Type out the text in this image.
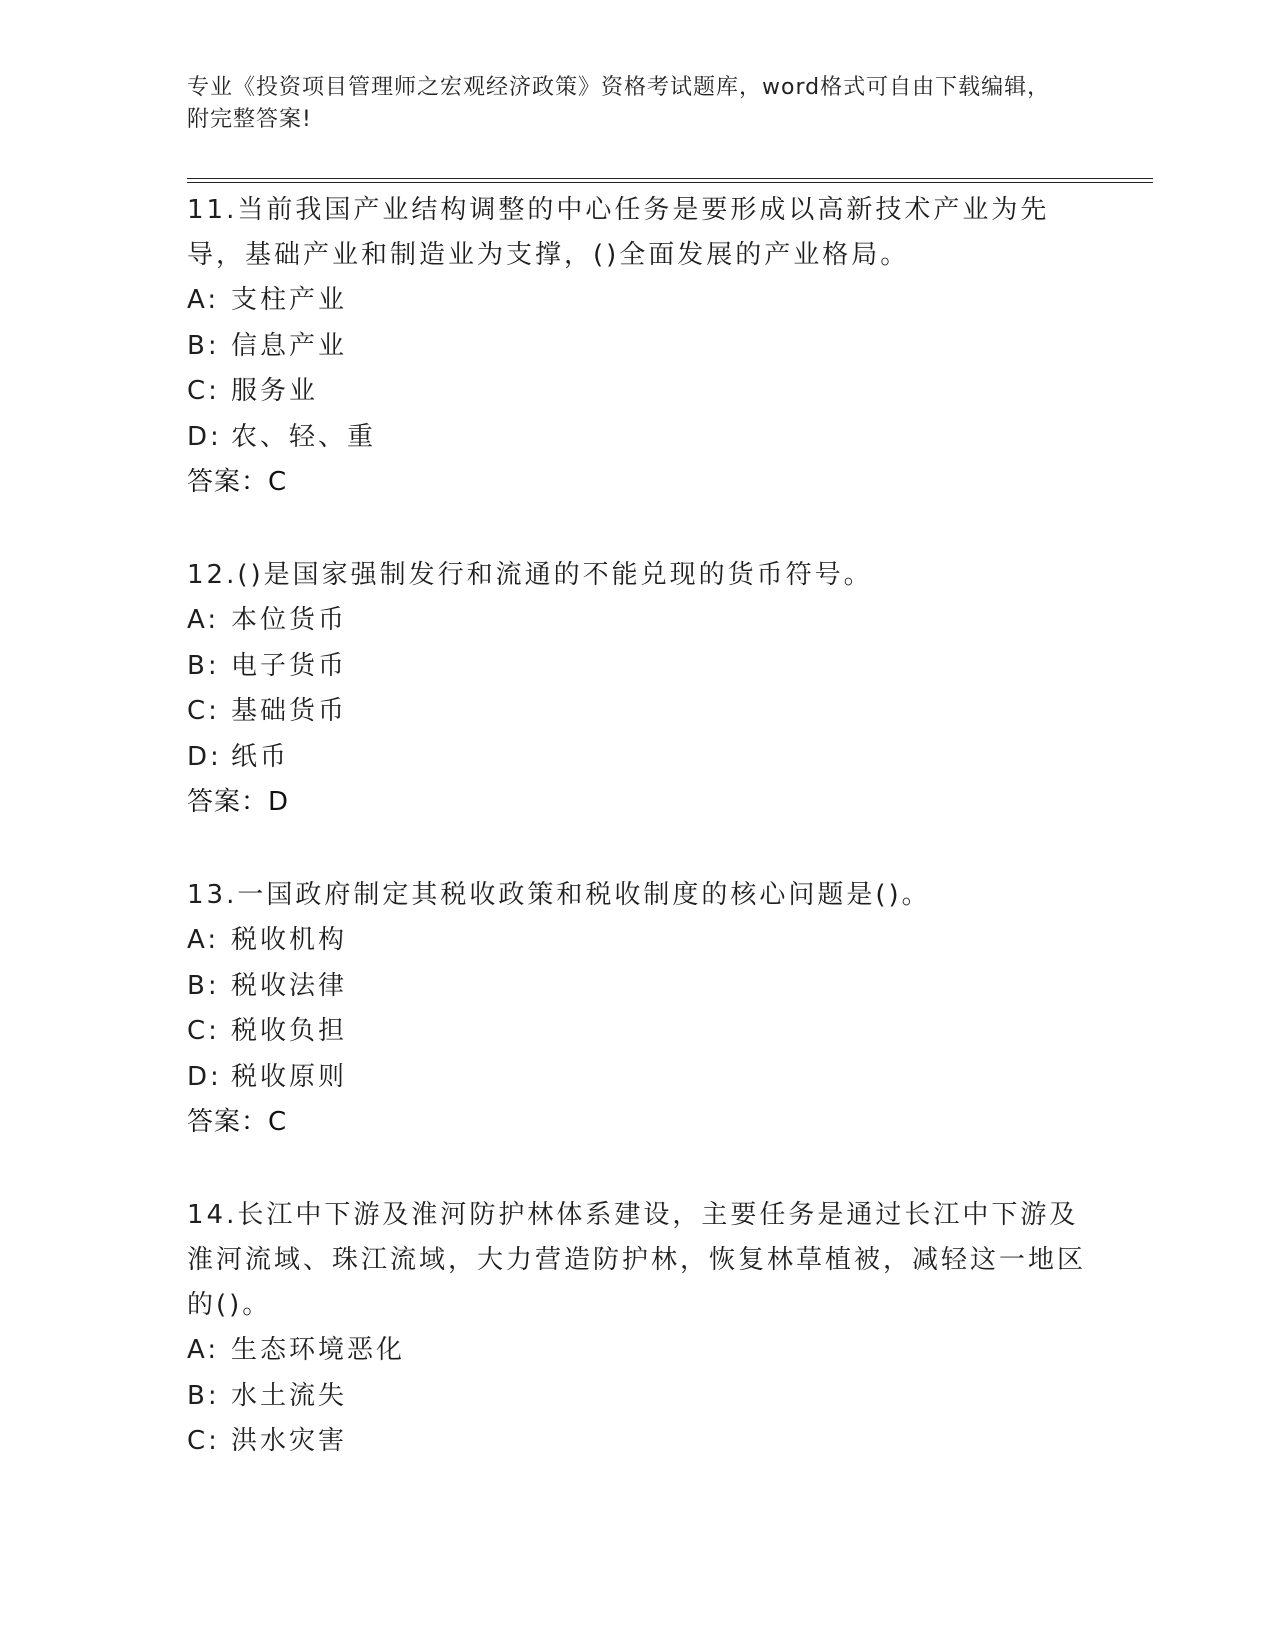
专业《投资项目管理师之宏观经济政策》资格考试题库，word格式可自由下载编辑，附完整答案!

11.当前我国产业结构调整的中心任务是要形成以高新技术产业为先导，基础产业和制造业为支撑，()全面发展的产业格局。

A: 支柱产业
B: 信息产业
C: 服务业
D: 农、轻、重
答案：C

12.()是国家强制发行和流通的不能兑现的货币符号。

A: 本位货币
B: 电子货币
C: 基础货币
D: 纸币
答案：D

13.一国政府制定其税收政策和税收制度的核心问题是()。

A: 税收机构
B: 税收法律
C: 税收负担
D: 税收原则
答案：C

14.长江中下游及淮河防护林体系建设，主要任务是通过长江中下游及淮河流域、珠江流域，大力营造防护林，恢复林草植被，减轻这一地区的()。

A: 生态环境恶化
B: 水土流失
C: 洪水灾害
